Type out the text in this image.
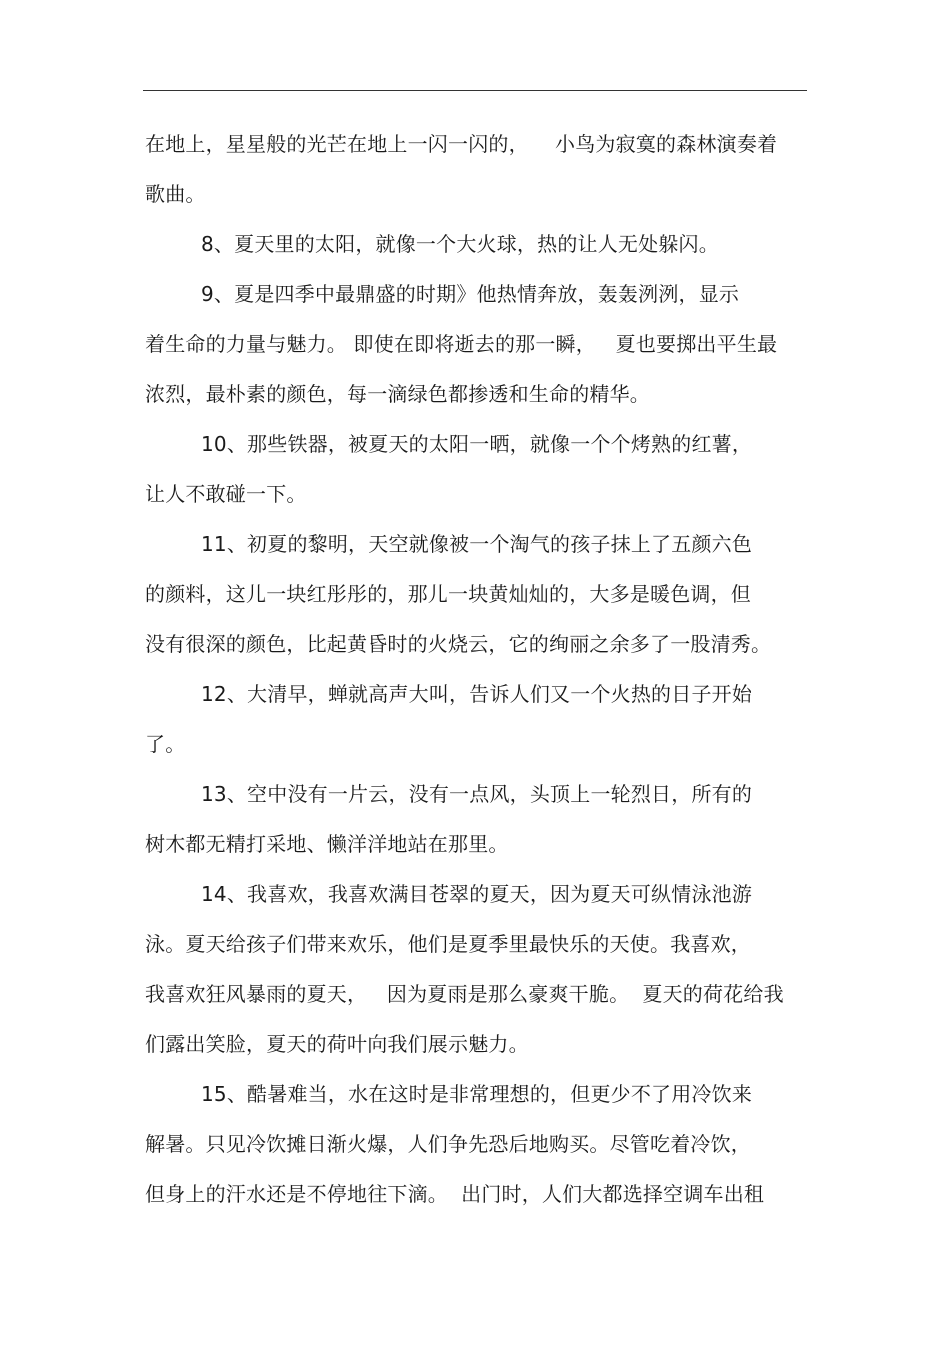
在地上，星星般的光芒在地上一闪一闪的，    小鸟为寂寞的森林演奏着
歌曲。
8、夏天里的太阳，就像一个大火球，热的让人无处躲闪。
9、夏是四季中最鼎盛的时期》他热情奔放，轰轰洌洌，显示
着生命的力量与魅力。 即使在即将逝去的那一瞬，   夏也要掷出平生最
浓烈，最朴素的颜色，每一滴绿色都掺透和生命的精华。
10、那些铁器，被夏天的太阳一晒，就像一个个烤熟的红薯，
让人不敢碰一下。
11、初夏的黎明，天空就像被一个淘气的孩子抹上了五颜六色
的颜料，这儿一块红彤彤的，那儿一块黄灿灿的，大多是暖色调，但
没有很深的颜色，比起黄昏时的火烧云，它的绚丽之余多了一股清秀。
12、大清早，蝉就高声大叫，告诉人们又一个火热的日子开始
了。
13、空中没有一片云，没有一点风，头顶上一轮烈日，所有的
树木都无精打采地、懒洋洋地站在那里。
14、我喜欢，我喜欢满目苍翠的夏天，因为夏天可纵情泳池游
泳。夏天给孩子们带来欢乐，他们是夏季里最快乐的天使。我喜欢，
我喜欢狂风暴雨的夏天，   因为夏雨是那么豪爽干脆。  夏天的荷花给我
们露出笑脸，夏天的荷叶向我们展示魅力。
15、酷暑难当，水在这时是非常理想的，但更少不了用冷饮来
解暑。只见冷饮摊日渐火爆，人们争先恐后地购买。尽管吃着冷饮，
但身上的汗水还是不停地往下滴。  出门时，人们大都选择空调车出租
